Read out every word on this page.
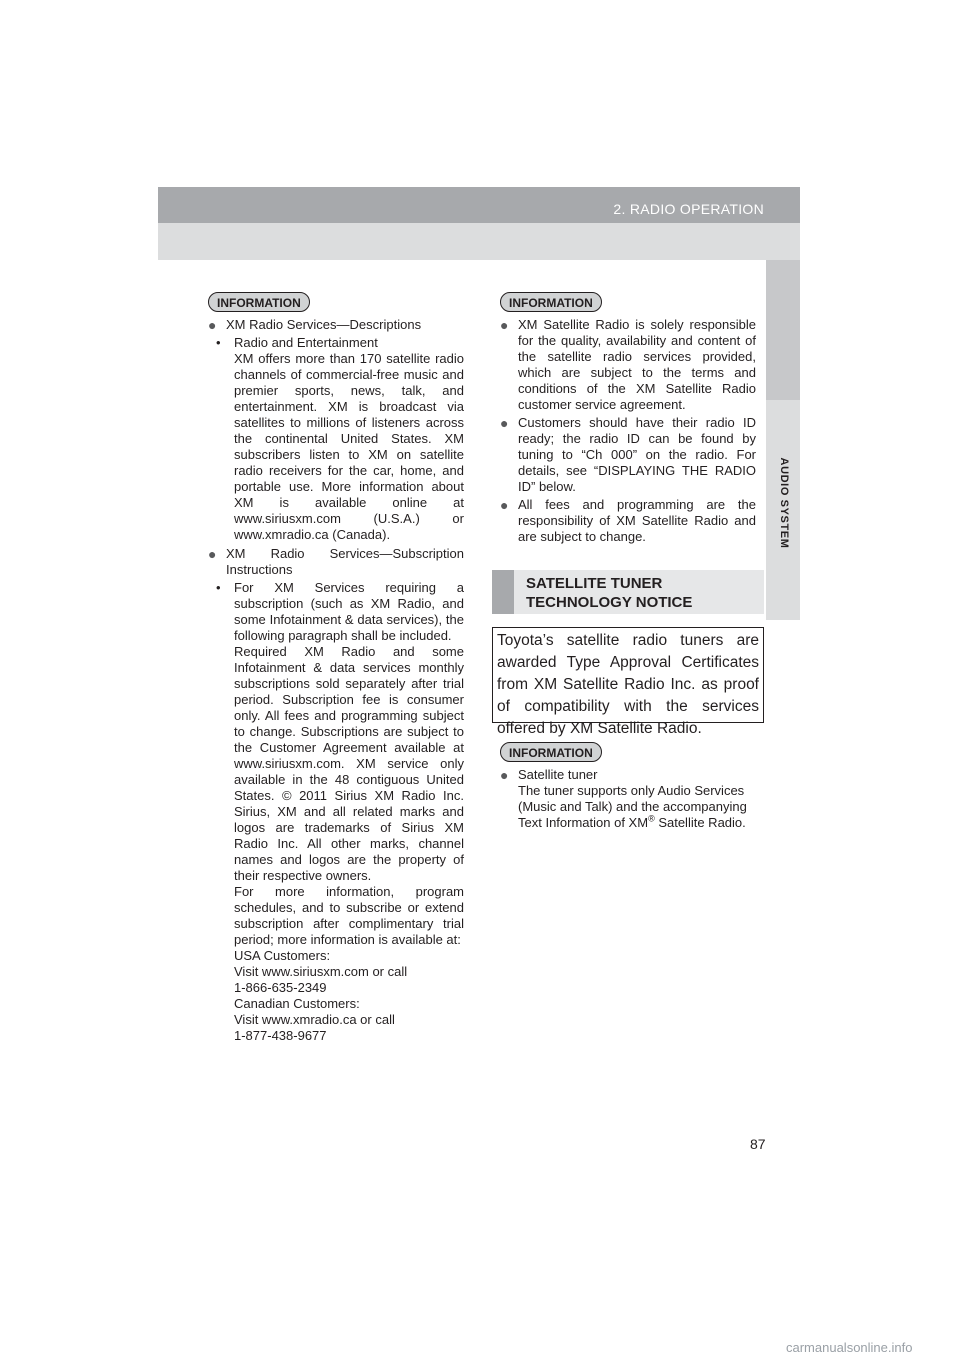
2. RADIO OPERATION
AUDIO SYSTEM
INFORMATION
● XM Radio Services—Descriptions
• Radio and Entertainment
XM offers more than 170 satellite radio channels of commercial-free music and premier sports, news, talk, and entertainment. XM is broadcast via satellites to millions of listeners across the continental United States. XM subscribers listen to XM on satellite radio receivers for the car, home, and portable use. More information about XM is available online at www.siriusxm.com (U.S.A.) or www.xmradio.ca (Canada).
● XM Radio Services—Subscription
Instructions
• For XM Services requiring a subscription (such as XM Radio, and some Infotainment & data services), the following paragraph shall be included.
Required XM Radio and some Infotainment & data services monthly subscriptions sold separately after trial period. Subscription fee is consumer only. All fees and programming subject to change. Subscriptions are subject to the Customer Agreement available at www.siriusxm.com. XM service only available in the 48 contiguous United States. © 2011 Sirius XM Radio Inc. Sirius, XM and all related marks and logos are trademarks of Sirius XM Radio Inc. All other marks, channel names and logos are the property of their respective owners.
For more information, program schedules, and to subscribe or extend subscription after complimentary trial period; more information is available at:
USA Customers:
Visit www.siriusxm.com or call
1-866-635-2349
Canadian Customers:
Visit www.xmradio.ca or call
1-877-438-9677
INFORMATION
● XM Satellite Radio is solely responsible for the quality, availability and content of the satellite radio services provided, which are subject to the terms and conditions of the XM Satellite Radio customer service agreement.
● Customers should have their radio ID ready; the radio ID can be found by tuning to “Ch 000” on the radio. For details, see “DISPLAYING THE RADIO ID” below.
● All fees and programming are the responsibility of XM Satellite Radio and are subject to change.
SATELLITE TUNER
TECHNOLOGY NOTICE
Toyota’s satellite radio tuners are awarded Type Approval Certificates from XM Satellite Radio Inc. as proof of compatibility with the services offered by XM Satellite Radio.
INFORMATION
● Satellite tuner
The tuner supports only Audio Services (Music and Talk) and the accompanying Text Information of XM® Satellite Radio.
87
carmanualsonline.info
